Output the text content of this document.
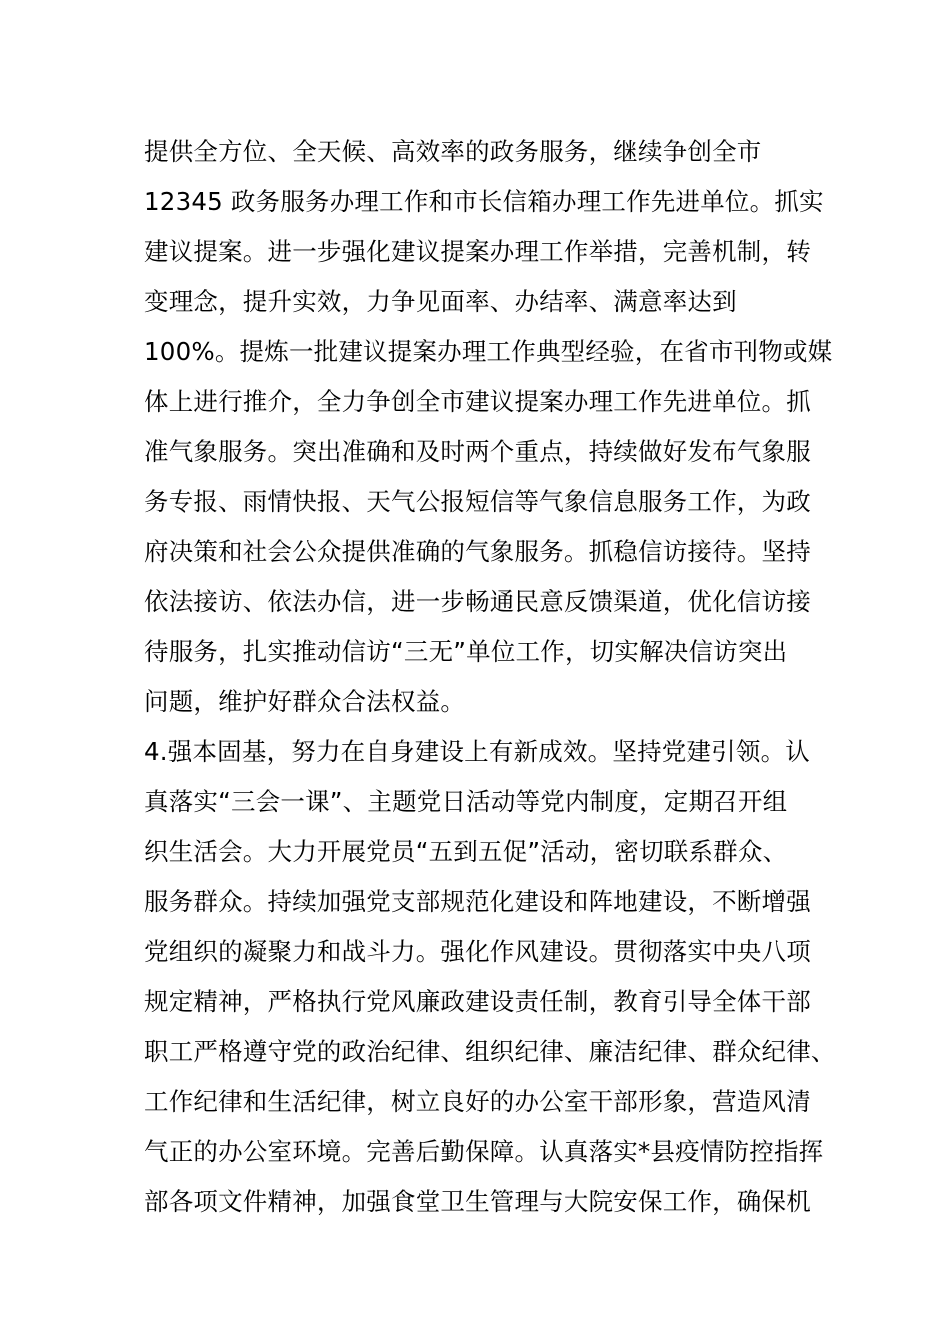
提供全方位、全天候、高效率的政务服务，继续争创全市
12345 政务服务办理工作和市长信箱办理工作先进单位。抓实
建议提案。进一步强化建议提案办理工作举措，完善机制，转
变理念，提升实效，力争见面率、办结率、满意率达到
100%。提炼一批建议提案办理工作典型经验，在省市刊物或媒
体上进行推介，全力争创全市建议提案办理工作先进单位。抓
准气象服务。突出准确和及时两个重点，持续做好发布气象服
务专报、雨情快报、天气公报短信等气象信息服务工作，为政
府决策和社会公众提供准确的气象服务。抓稳信访接待。坚持
依法接访、依法办信，进一步畅通民意反馈渠道，优化信访接
待服务，扎实推动信访“三无”单位工作，切实解决信访突出
问题，维护好群众合法权益。
4.强本固基，努力在自身建设上有新成效。坚持党建引领。认
真落实“三会一课”、主题党日活动等党内制度，定期召开组
织生活会。大力开展党员“五到五促”活动，密切联系群众、
服务群众。持续加强党支部规范化建设和阵地建设，不断增强
党组织的凝聚力和战斗力。强化作风建设。贯彻落实中央八项
规定精神，严格执行党风廉政建设责任制，教育引导全体干部
职工严格遵守党的政治纪律、组织纪律、廉洁纪律、群众纪律、
工作纪律和生活纪律，树立良好的办公室干部形象，营造风清
气正的办公室环境。完善后勤保障。认真落实*县疫情防控指挥
部各项文件精神，加强食堂卫生管理与大院安保工作，确保机
